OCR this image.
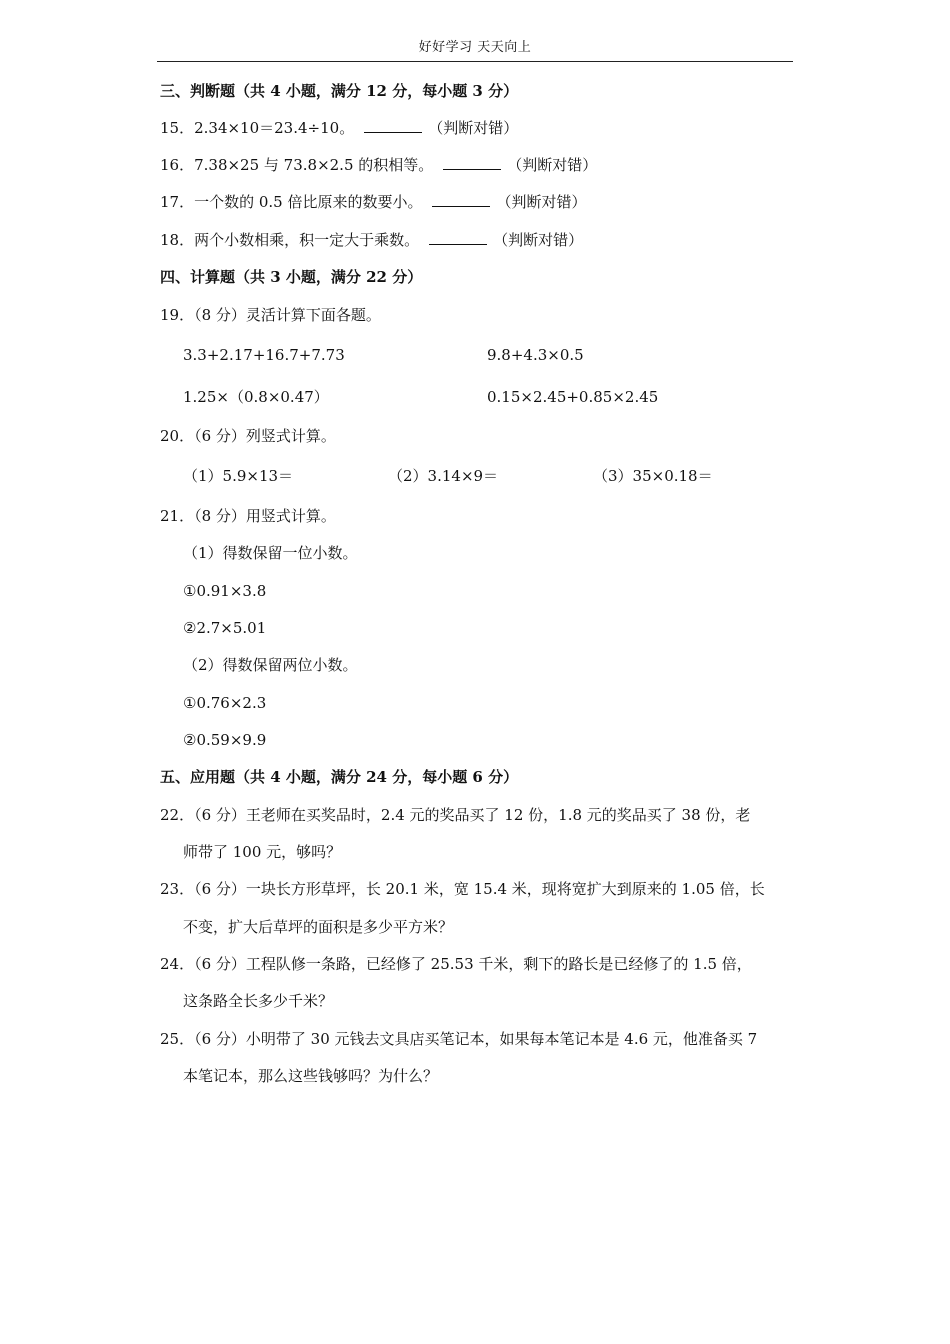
好好学习 天天向上
三、判断题（共 4 小题，满分 12 分，每小题 3 分）
15．2.34×10＝23.4÷10。	（判断对错）
16．7.38×25 与 73.8×2.5 的积相等。	（判断对错）
17．一个数的 0.5 倍比原来的数要小。	（判断对错）
18．两个小数相乘，积一定大于乘数。	（判断对错）
四、计算题（共 3 小题，满分 22 分）
19．（8 分）灵活计算下面各题。
3.3+2.17+16.7+7.73	9.8+4.3×0.5
1.25×（0.8×0.47）	0.15×2.45+0.85×2.45
20．（6 分）列竖式计算。
（1）5.9×13＝	（2）3.14×9＝	（3）35×0.18＝
21．（8 分）用竖式计算。
（1）得数保留一位小数。
①0.91×3.8
②2.7×5.01
（2）得数保留两位小数。
①0.76×2.3
②0.59×9.9
五、应用题（共 4 小题，满分 24 分，每小题 6 分）
22．（6 分）王老师在买奖品时，2.4 元的奖品买了 12 份，1.8 元的奖品买了 38 份，老
师带了 100 元，够吗？
23．（6 分）一块长方形草坪，长 20.1 米，宽 15.4 米，现将宽扩大到原来的 1.05 倍，长
不变，扩大后草坪的面积是多少平方米？
24．（6 分）工程队修一条路，已经修了 25.53 千米，剩下的路长是已经修了的 1.5 倍，
这条路全长多少千米？
25．（6 分）小明带了 30 元钱去文具店买笔记本，如果每本笔记本是 4.6 元，他准备买 7
本笔记本，那么这些钱够吗？为什么？
